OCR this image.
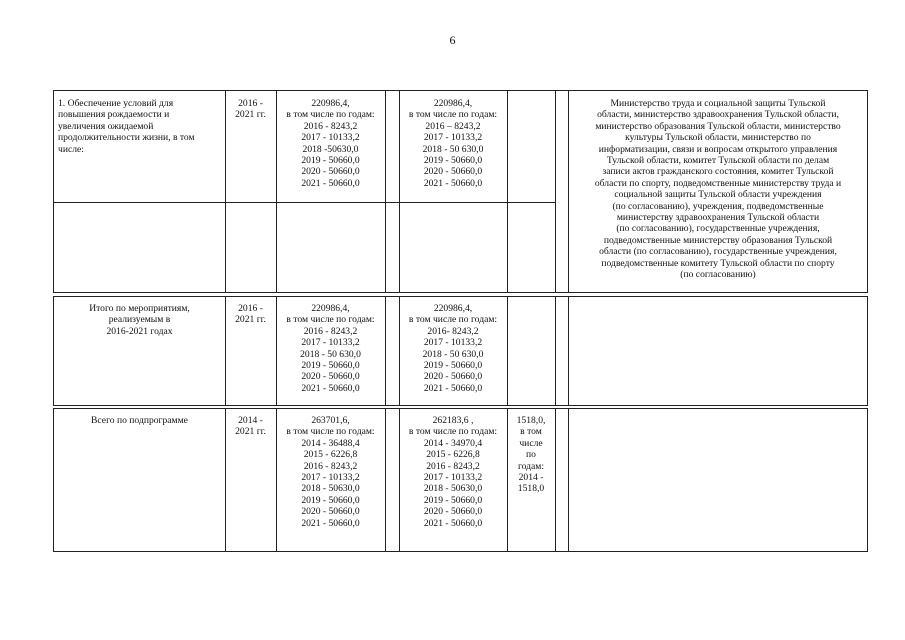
6
1. Обеспечение условий для
повышения рождаемости и
увеличения ожидаемой
продолжительности жизни, в том
числе:
2016 -
2021 гг.
220986,4,
в том числе по годам:
2016 - 8243,2
2017 - 10133,2
2018 -50630,0
2019 - 50660,0
2020 - 50660,0
2021 - 50660,0
220986,4,
в том числе по годам:
2016 – 8243,2
2017 - 10133,2
2018 - 50 630,0
2019 - 50660,0
2020 - 50660,0
2021 - 50660,0
Министерство труда и социальной защиты Тульской
области, министерство здравоохранения Тульской области,
министерство образования Тульской области, министерство
культуры Тульской области, министерство по
информатизации, связи и вопросам открытого управления
Тульской области, комитет Тульской области по делам
записи актов гражданского состояния, комитет Тульской
области по спорту, подведомственные министерству труда и
социальной защиты Тульской области учреждения
(по согласованию), учреждения, подведомственные
министерству здравоохранения Тульской области
(по согласованию), государственные учреждения,
подведомственные министерству образования Тульской
области (по согласованию), государственные учреждения,
подведомственные комитету Тульской области по спорту
(по согласованию)
Итого по мероприятиям,
реализуемым в
2016-2021 годах
2016 -
2021 гг.
220986,4,
в том числе по годам:
2016 - 8243,2
2017 - 10133,2
2018 - 50 630,0
2019 - 50660,0
2020 - 50660,0
2021 - 50660,0
220986,4,
в том числе по годам:
2016- 8243,2
2017 - 10133,2
2018 - 50 630,0
2019 - 50660,0
2020 - 50660,0
2021 - 50660,0
Всего по подпрограмме	2014 -
2021 гг.
263701,6,
в том числе по годам:
2014 - 36488,4
2015 - 6226,8
2016 - 8243,2
2017 - 10133,2
2018 - 50630,0
2019 - 50660,0
2020 - 50660,0
2021 - 50660,0
262183,6 ,
в том числе по годам:
2014 - 34970,4
2015 - 6226,8
2016 - 8243,2
2017 - 10133,2
2018 - 50630,0
2019 - 50660,0
2020 - 50660,0
2021 - 50660,0
1518,0,
в том
числе
по
годам:
2014 -
1518,0
